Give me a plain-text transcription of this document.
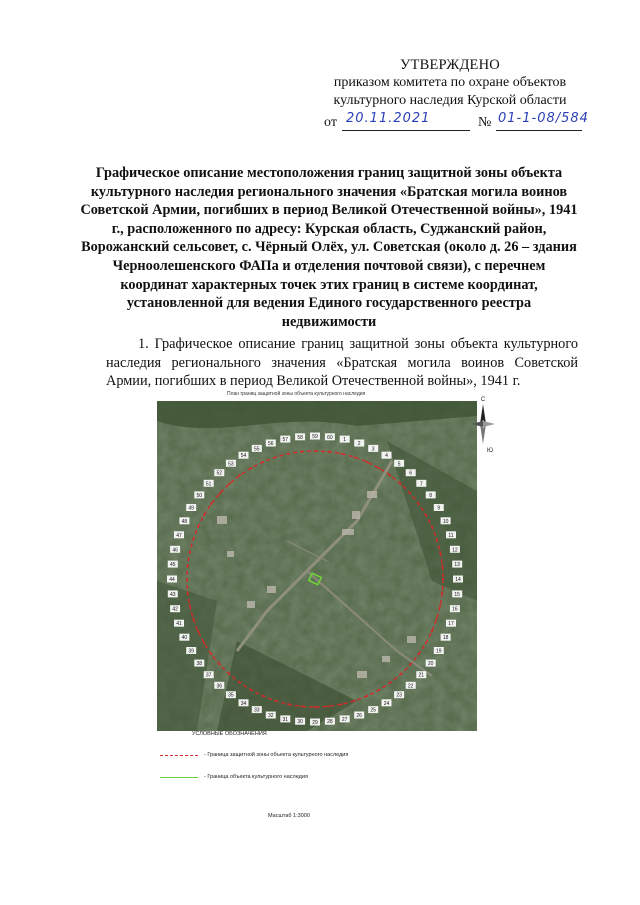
УТВЕРЖДЕНО
приказом комитета по охране объектов
культурного наследия Курской области
от 20.11.2021	№ 01-1-08/584
Графическое описание местоположения границ защитной зоны объекта культурного наследия регионального значения «Братская могила воинов Советской Армии, погибших в период Великой Отечественной войны», 1941 г., расположенного по адресу: Курская область, Суджанский район, Ворожанский сельсовет, с. Чёрный Олёх, ул. Советская (около д. 26 – здания Черноолешенского ФАПа и отделения почтовой связи), с перечнем координат характерных точек этих границ в системе координат, установленной для ведения Единого государственного реестра недвижимости
1. Графическое описание границ защитной зоны объекта культурного наследия регионального значения «Братская могила воинов Советской Армии, погибших в период Великой Отечественной войны», 1941 г.
План границ защитной зоны объекта культурного наследия
1
2
3
4
5
6
7
8
9
10
11
12
13
14
15
16
17
18
19
20
21
22
23
24
25
26
27
28
29
30
31
32
33
34
35
36
37
38
39
40
41
42
43
44
45
46
47
48
49
50
51
52
53
54
55
56
57 58 59 60
С
Ю
УСЛОВНЫЕ ОБОЗНАЧЕНИЯ
- Граница защитной зоны объекта культурного наследия
- Граница объекта культурного наследия
Масштаб 1:3000
